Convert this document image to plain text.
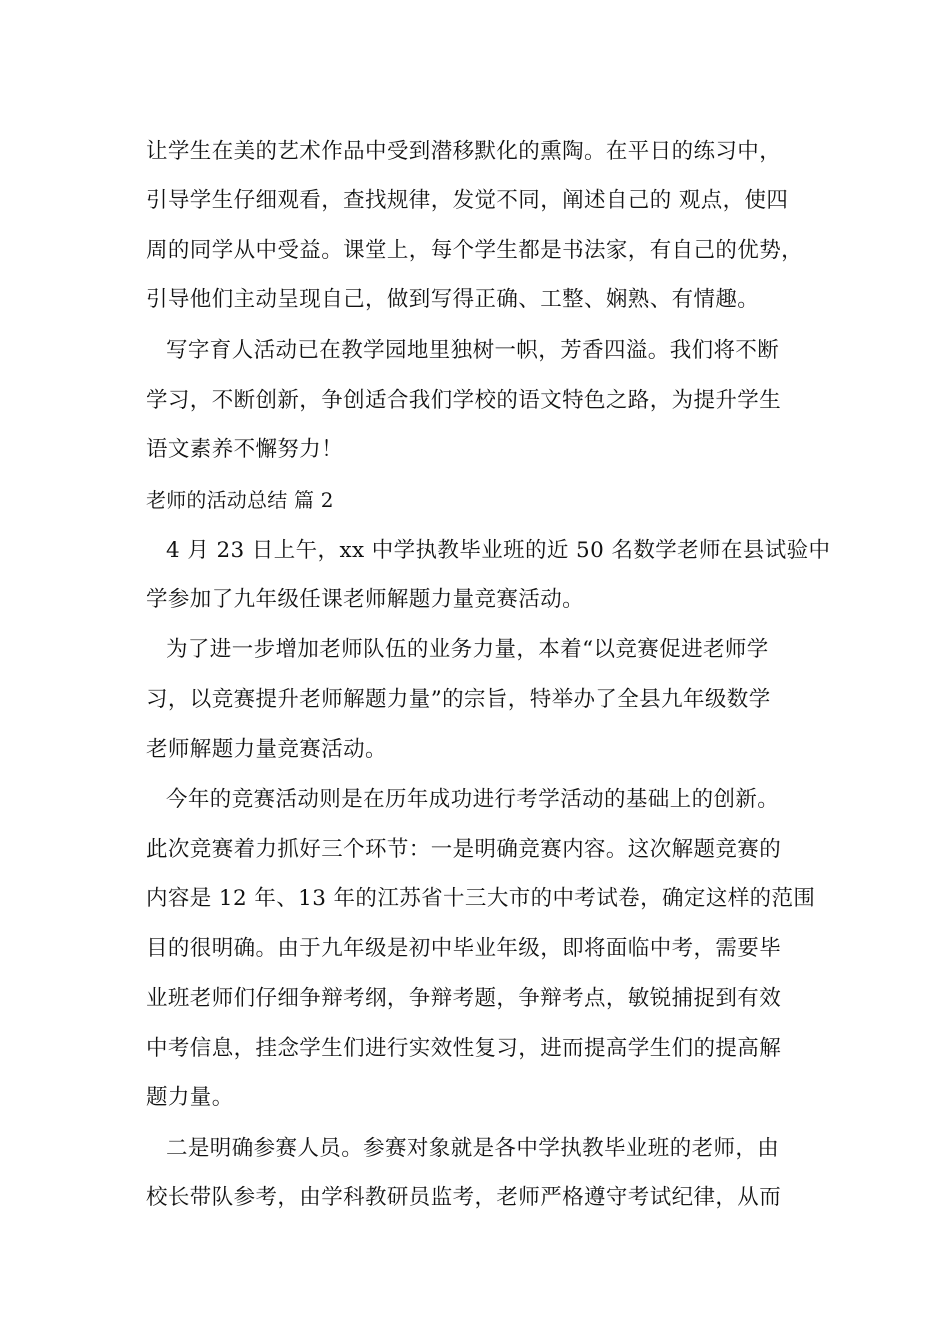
让学生在美的艺术作品中受到潜移默化的熏陶。在平日的练习中，
引导学生仔细观看，查找规律，发觉不同，阐述自己的 观点，使四
周的同学从中受益。课堂上，每个学生都是书法家，有自己的优势，
引导他们主动呈现自己，做到写得正确、工整、娴熟、有情趣。
写字育人活动已在教学园地里独树一帜，芳香四溢。我们将不断
学习，不断创新，争创适合我们学校的语文特色之路，为提升学生
语文素养不懈努力！
老师的活动总结 篇 2
4 月 23 日上午，xx 中学执教毕业班的近 50 名数学老师在县试验中
学参加了九年级任课老师解题力量竞赛活动。
为了进一步增加老师队伍的业务力量，本着“以竞赛促进老师学
习，以竞赛提升老师解题力量”的宗旨，特举办了全县九年级数学
老师解题力量竞赛活动。
今年的竞赛活动则是在历年成功进行考学活动的基础上的创新。
此次竞赛着力抓好三个环节：一是明确竞赛内容。这次解题竞赛的
内容是 12 年、13 年的江苏省十三大市的中考试卷，确定这样的范围
目的很明确。由于九年级是初中毕业年级，即将面临中考，需要毕
业班老师们仔细争辩考纲，争辩考题，争辩考点，敏锐捕捉到有效
中考信息，挂念学生们进行实效性复习，进而提高学生们的提高解
题力量。
二是明确参赛人员。参赛对象就是各中学执教毕业班的老师，由
校长带队参考，由学科教研员监考，老师严格遵守考试纪律，从而
